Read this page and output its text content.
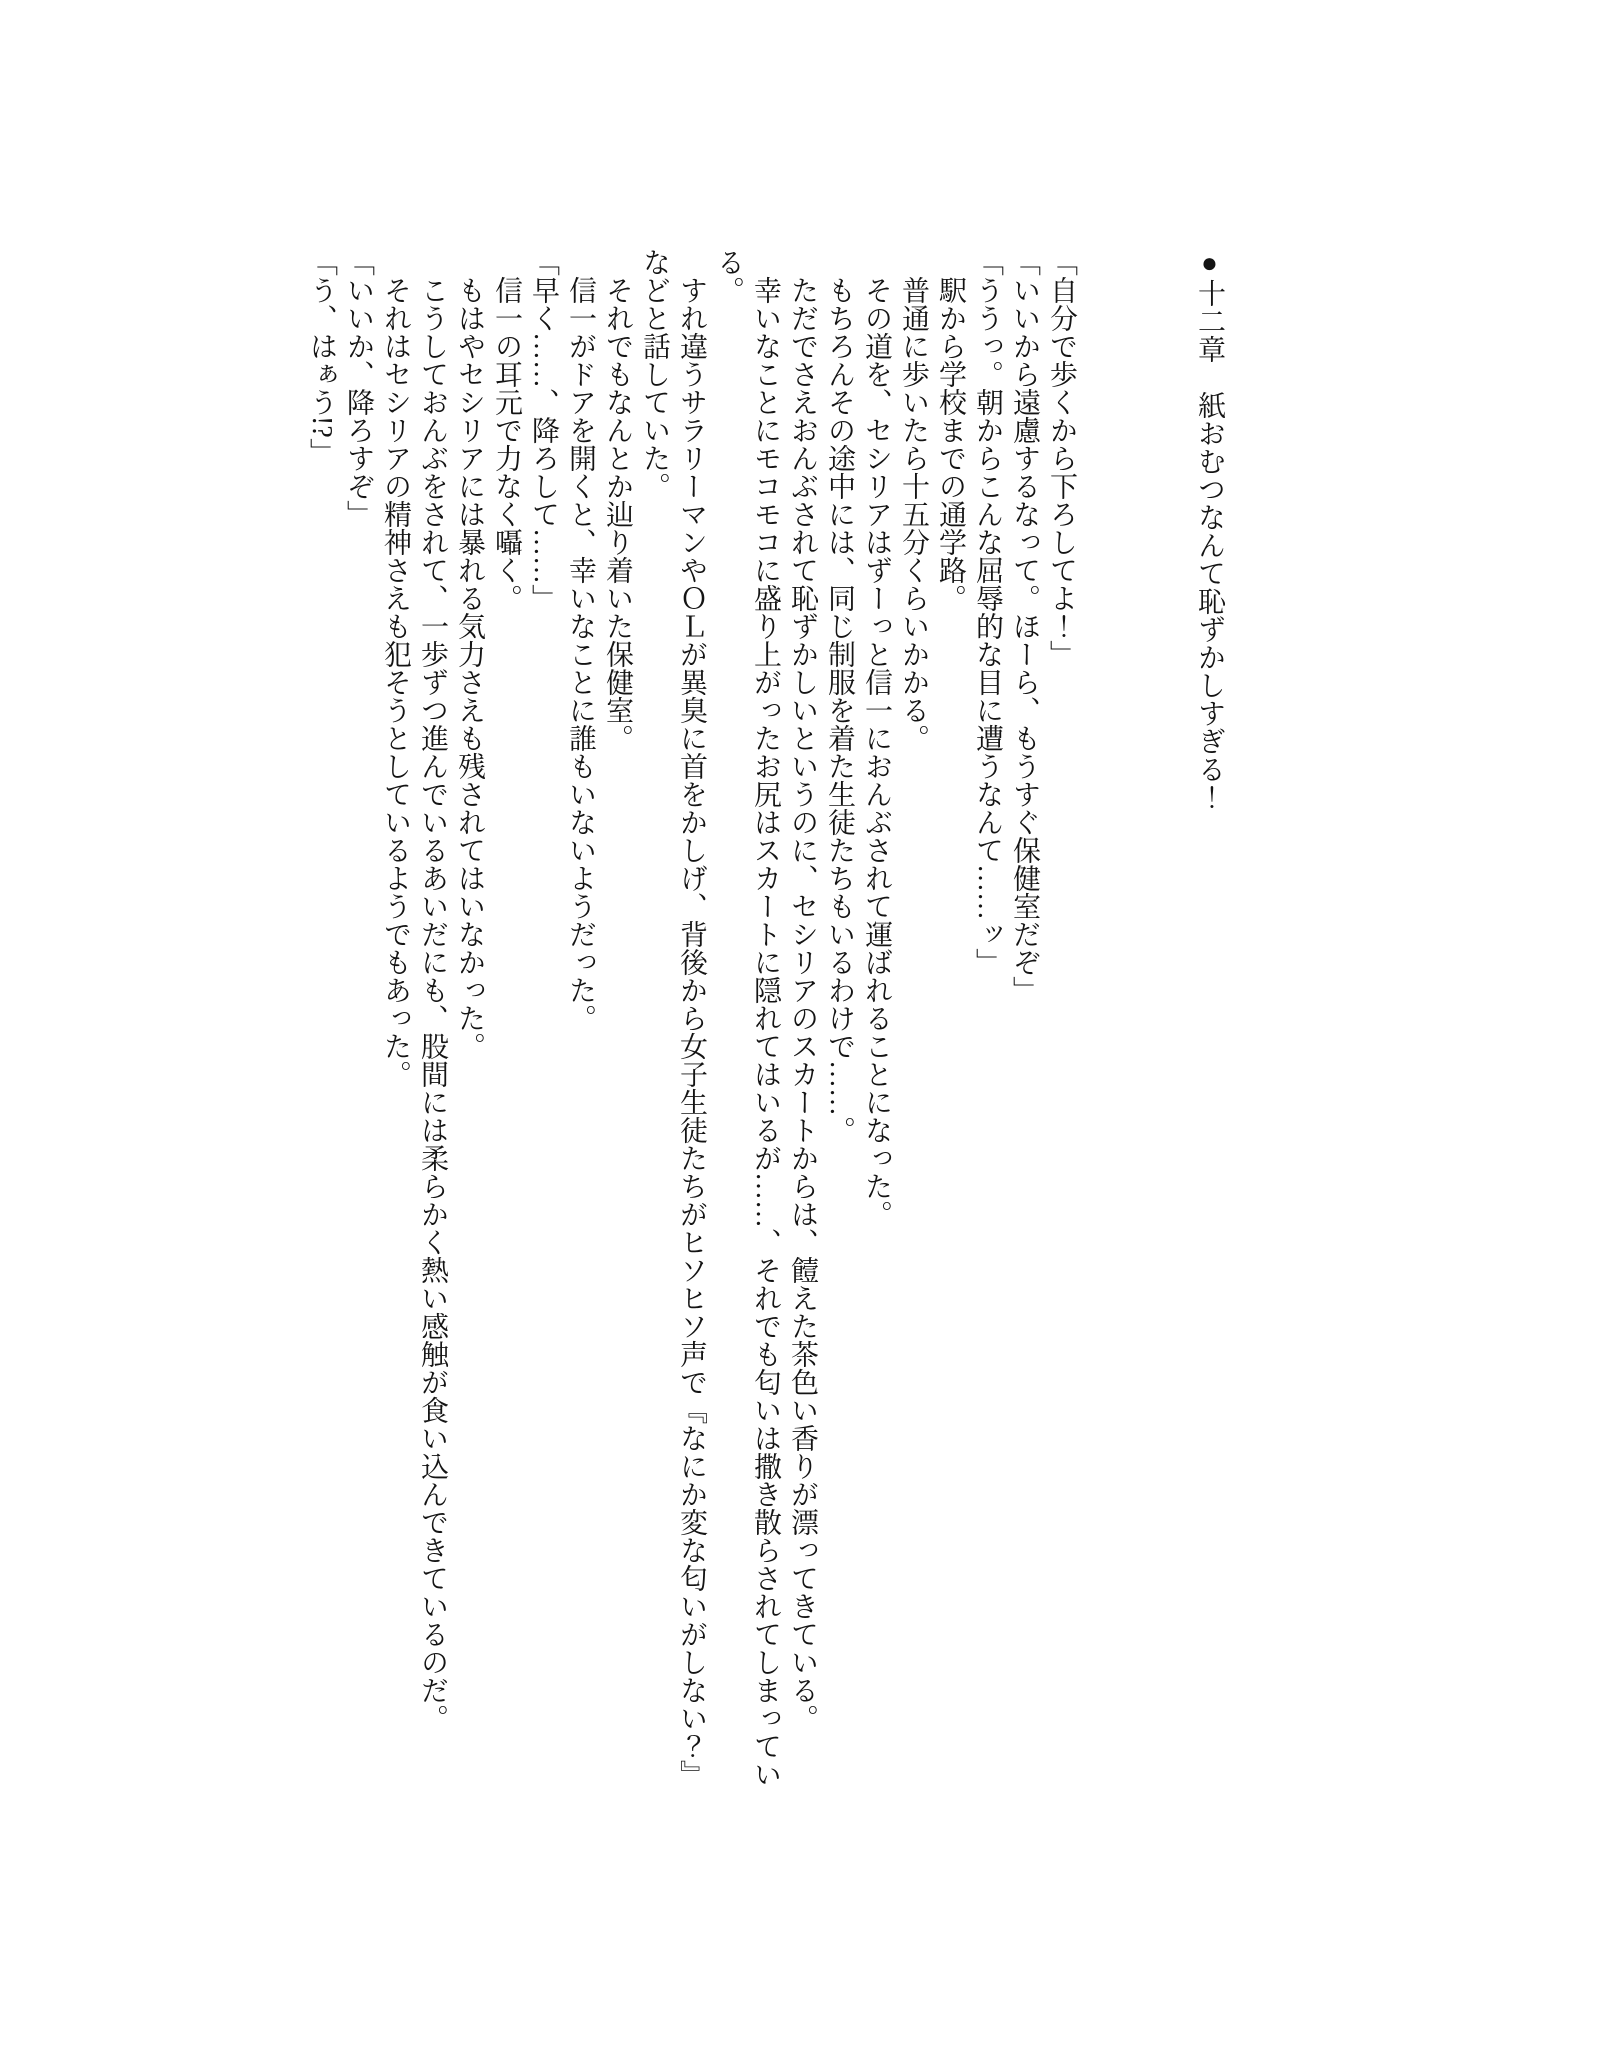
●十二章　紙おむつなんて恥ずかしすぎる！

「自分で歩くから下ろしてよ！」

「いいから遠慮するなって。ほーら、もうすぐ保健室だぞ」

「ううっ。朝からこんな屈辱的な目に遭うなんて……ッ」

駅から学校までの通学路。

普通に歩いたら十五分くらいかかる。

その道を、セシリアはずーっと信一におんぶされて運ばれることになった。

もちろんその途中には、同じ制服を着た生徒たちもいるわけで……。

ただでさえおんぶされて恥ずかしいというのに、セシリアのスカートからは、饐えた茶色い香りが漂ってきている。

幸いなことにモコモコに盛り上がったお尻はスカートに隠れてはいるが……、それでも匂いは撒き散らされてしまっている。

すれ違うサラリーマンやＯＬが異臭に首をかしげ、背後から女子生徒たちがヒソヒソ声で『なにか変な匂いがしない？』などと話していた。

それでもなんとか辿り着いた保健室。

信一がドアを開くと、幸いなことに誰もいないようだった。

「早く……、降ろして……」

信一の耳元で力なく囁く。

もはやセシリアには暴れる気力さえも残されてはいなかった。

こうしておんぶをされて、一歩ずつ進んでいるあいだにも、股間には柔らかく熱い感触が食い込んできているのだ。

それはセシリアの精神さえも犯そうとしているようでもあった。

「いいか、降ろすぞ」

「う、はぁう!?」
